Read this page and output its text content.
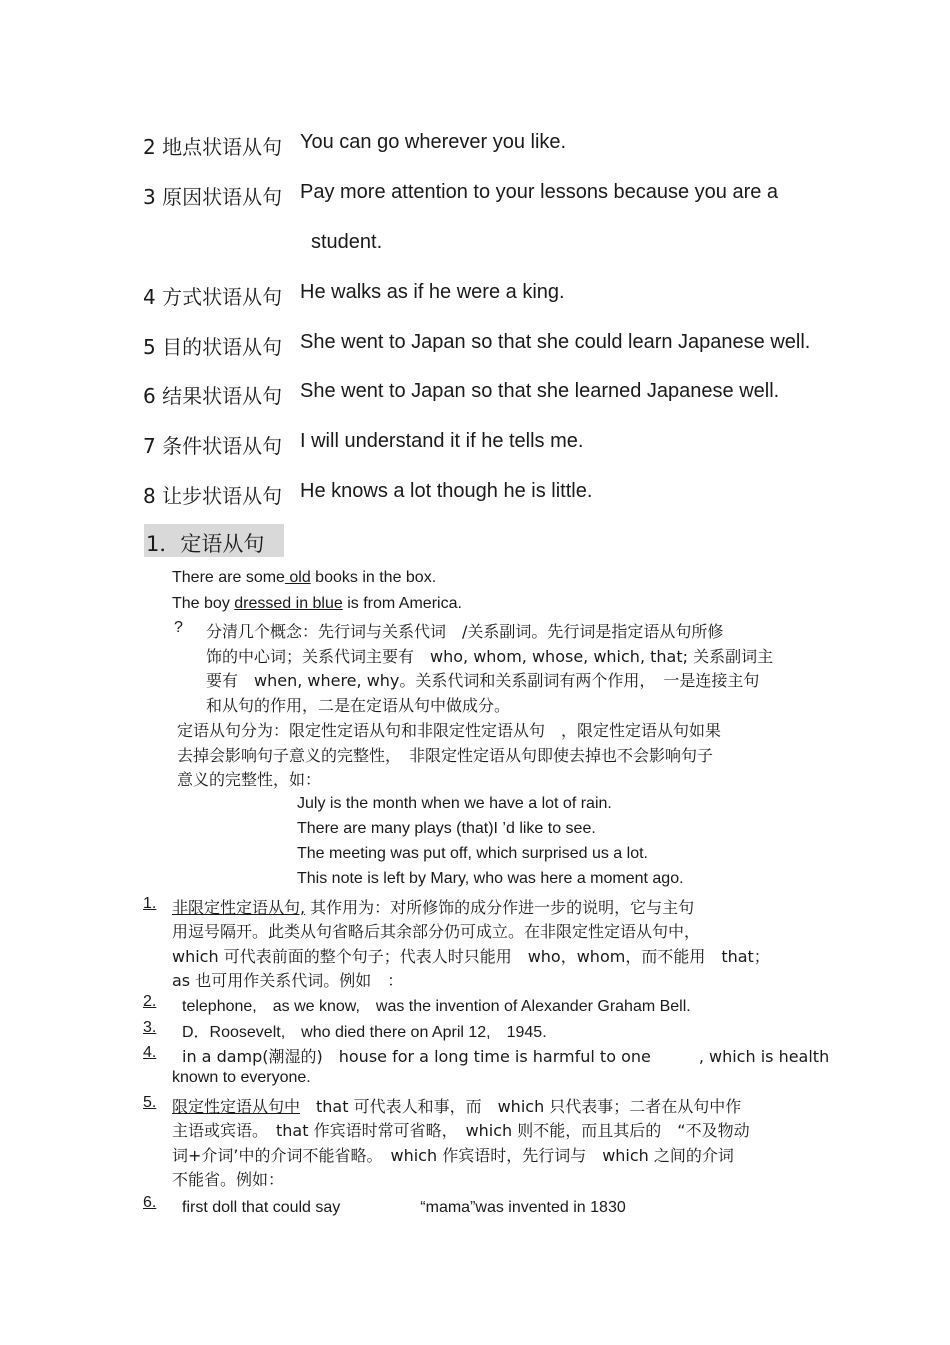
2 地点状语从句 You can go wherever you like.
3 原因状语从句 Pay more attention to your lessons because you are a
student.
4 方式状语从句 He walks as if he were a king.
5 目的状语从句 She went to Japan so that she could learn Japanese well.
6 结果状语从句 She went to Japan so that she learned Japanese well.
7 条件状语从句 I will understand it if he tells me.
8 让步状语从句 He knows a lot though he is little.
1．定语从句
There are some old books in the box.
The boy dressed in blue is from America.
? 分清几个概念：先行词与关系代词　/关系副词。先行词是指定语从句所修
饰的中心词；关系代词主要有　who, whom, whose, which, that; 关系副词主
要有　when, where, why。关系代词和关系副词有两个作用，　一是连接主句
和从句的作用，二是在定语从句中做成分。
定语从句分为：限定性定语从句和非限定性定语从句　，限定性定语从句如果
去掉会影响句子意义的完整性，　非限定性定语从句即使去掉也不会影响句子
意义的完整性，如：
July is the month when we have a lot of rain.
There are many plays (that)I ’d like to see.
The meeting was put off, which surprised us a lot.
This note is left by Mary, who was here a moment ago.
1. 非限定性定语从句, 其作用为：对所修饰的成分作进一步的说明，它与主句
用逗号隔开。此类从句省略后其余部分仍可成立。在非限定性定语从句中，
which 可代表前面的整个句子；代表人时只能用　who，whom，而不能用　that；
as 也可用作关系代词。例如　：
2. telephone,　as we know,　was the invention of Alexander Graham Bell.
3. D．Roosevelt,　who died there on April 12,　1945.
4. in a damp(潮湿的)　house for a long time is harmful to one　　　, which is health
known to everyone.
5. 限定性定语从句中　that 可代表人和事，而　which 只代表事；二者在从句中作
主语或宾语。　that 作宾语时常可省略，　which 则不能，而且其后的　“不及物动
词+介词’中的介词不能省略。　which 作宾语时，先行词与　which 之间的介词
不能省。例如：
6. first doll that could say　　　　　“mama”was invented in 1830
